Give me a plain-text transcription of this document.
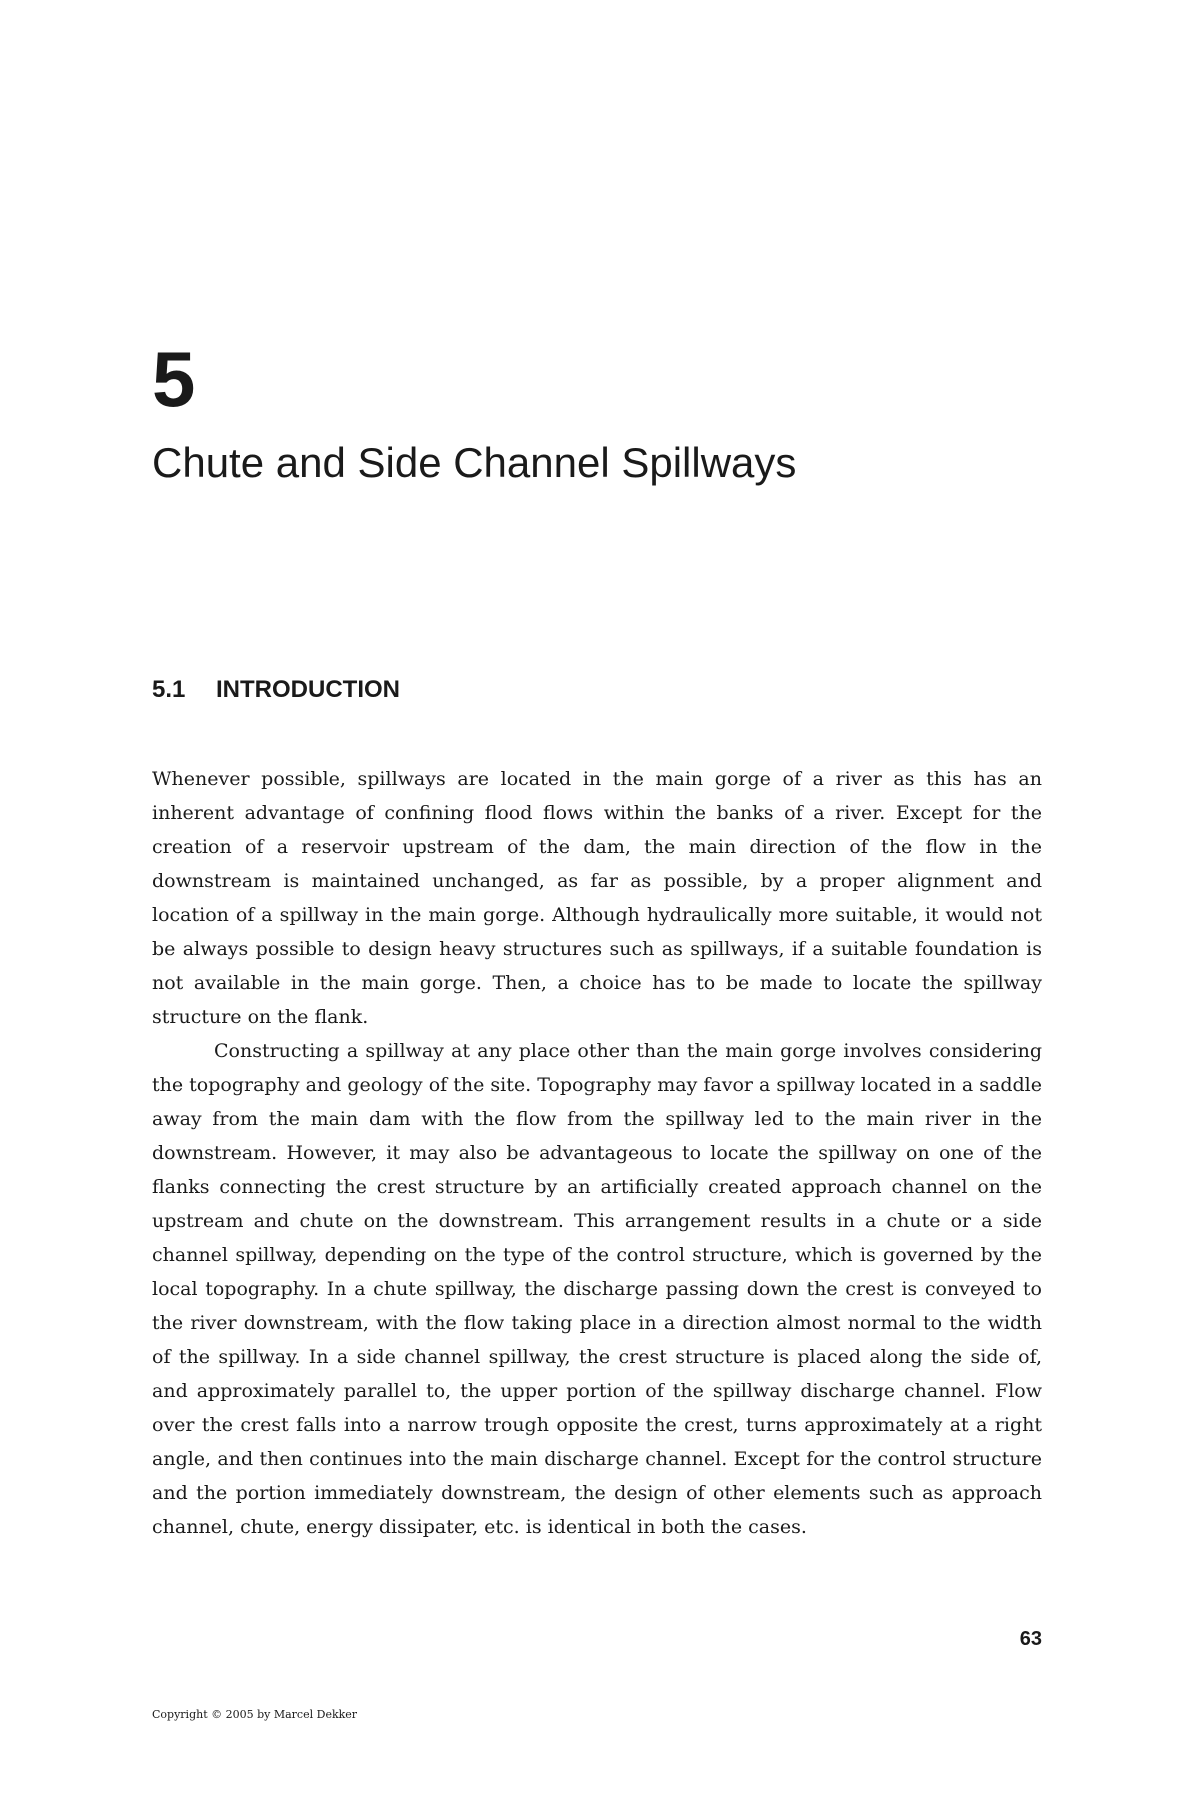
5
Chute and Side Channel Spillways
5.1 INTRODUCTION

Whenever possible, spillways are located in the main gorge of a river as this has an inherent advantage of confining flood flows within the banks of a river. Except for the creation of a reservoir upstream of the dam, the main direction of the flow in the downstream is maintained unchanged, as far as possible, by a proper alignment and location of a spillway in the main gorge. Although hydraulically more suitable, it would not be always possible to design heavy structures such as spillways, if a suitable foundation is not available in the main gorge. Then, a choice has to be made to locate the spillway structure on the flank.

Constructing a spillway at any place other than the main gorge involves considering the topography and geology of the site. Topography may favor a spillway located in a saddle away from the main dam with the flow from the spillway led to the main river in the downstream. However, it may also be advantageous to locate the spillway on one of the flanks connecting the crest structure by an artificially created approach channel on the upstream and chute on the downstream. This arrangement results in a chute or a side channel spillway, depending on the type of the control structure, which is governed by the local topography. In a chute spillway, the discharge passing down the crest is conveyed to the river downstream, with the flow taking place in a direction almost normal to the width of the spillway. In a side channel spillway, the crest structure is placed along the side of, and approximately parallel to, the upper portion of the spillway discharge channel. Flow over the crest falls into a narrow trough opposite the crest, turns approximately at a right angle, and then continues into the main discharge channel. Except for the control structure and the portion immediately downstream, the design of other elements such as approach channel, chute, energy dissipater, etc. is identical in both the cases.

63
Copyright © 2005 by Marcel Dekker
